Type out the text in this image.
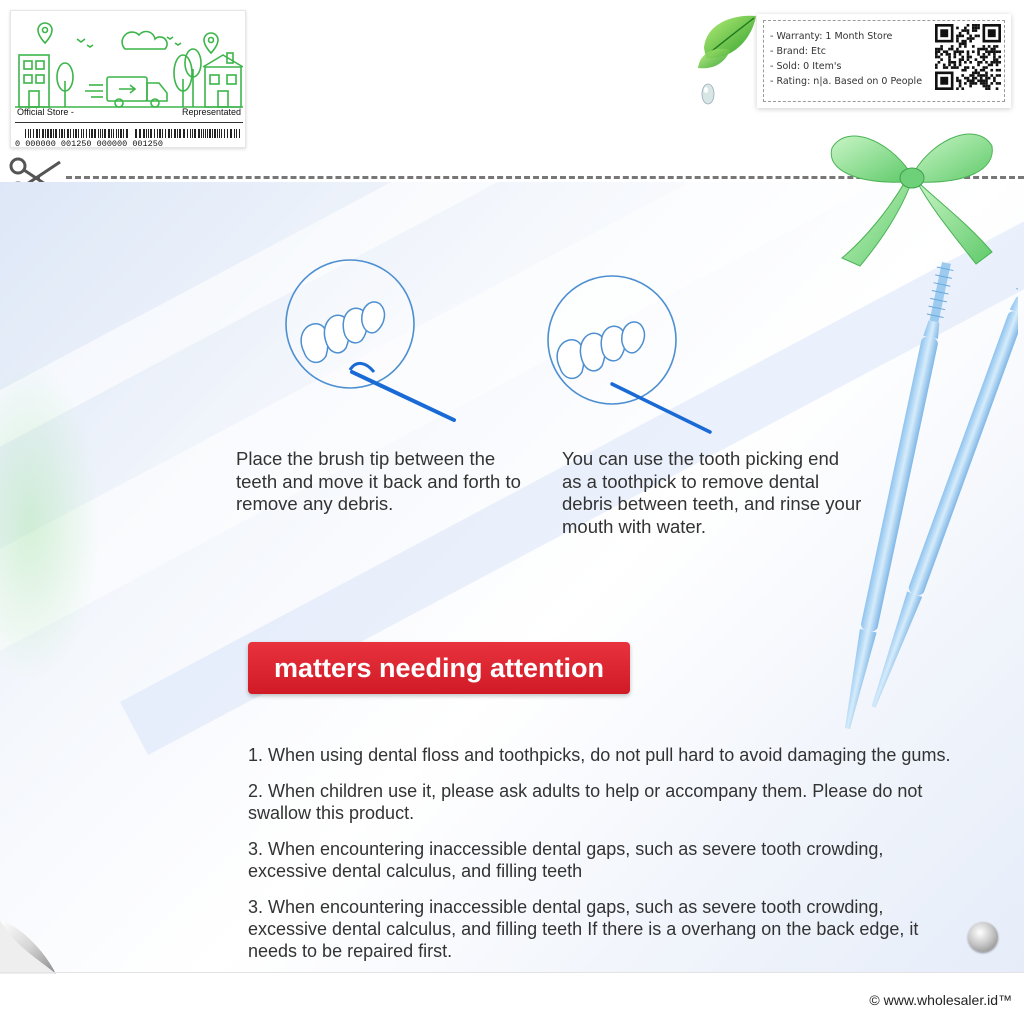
Official Store -	Representated
0 000000 001250 000000 001250
- Warranty: 1 Month Store
- Brand: Etc
- Sold: 0 Item's
- Rating: n|a. Based on 0 People
Place the brush tip between the teeth and move it back and forth to remove any debris.
You can use the tooth picking end as a toothpick to remove dental debris between teeth, and rinse your mouth with water.
matters needing attention
1. When using dental floss and toothpicks, do not pull hard to avoid damaging the gums.
2. When children use it, please ask adults to help or accompany them. Please do not swallow this product.
3. When encountering inaccessible dental gaps, such as severe tooth crowding, excessive dental calculus, and filling teeth
3. When encountering inaccessible dental gaps, such as severe tooth crowding, excessive dental calculus, and filling teeth If there is a overhang on the back edge, it needs to be repaired first.
© www.wholesaler.id™
